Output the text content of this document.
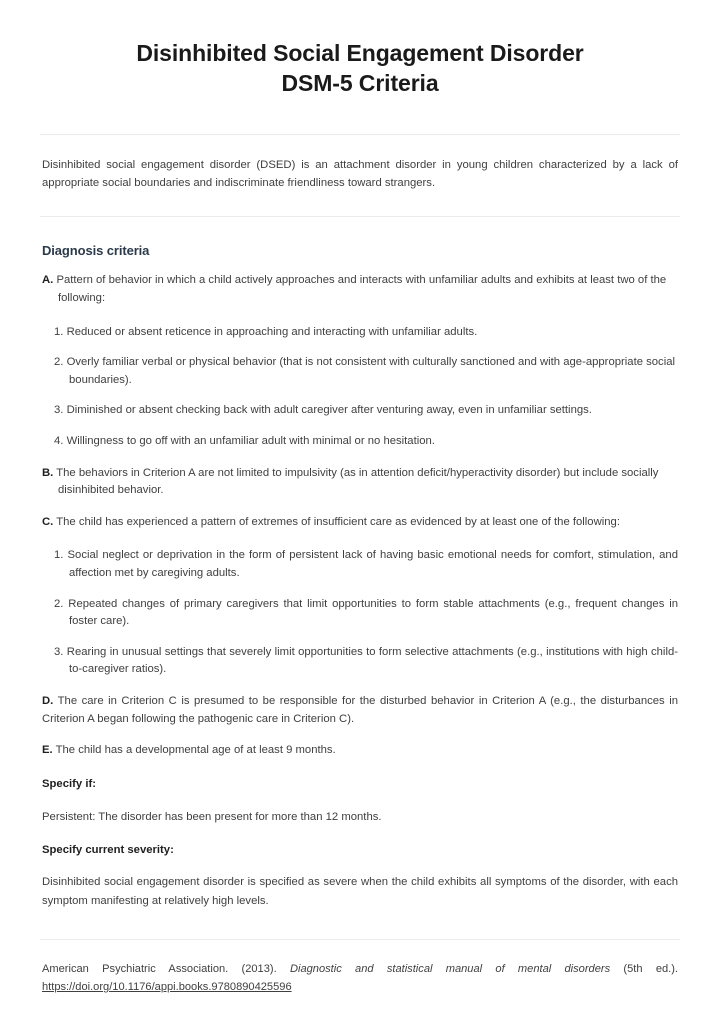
Disinhibited Social Engagement Disorder
DSM-5 Criteria

Disinhibited social engagement disorder (DSED) is an attachment disorder in young children characterized by a lack of appropriate social boundaries and indiscriminate friendliness toward strangers.

Diagnosis criteria

A. Pattern of behavior in which a child actively approaches and interacts with unfamiliar adults and exhibits at least two of the following:

1. Reduced or absent reticence in approaching and interacting with unfamiliar adults.
2. Overly familiar verbal or physical behavior (that is not consistent with culturally sanctioned and with age-appropriate social boundaries).
3. Diminished or absent checking back with adult caregiver after venturing away, even in unfamiliar settings.
4. Willingness to go off with an unfamiliar adult with minimal or no hesitation.

B. The behaviors in Criterion A are not limited to impulsivity (as in attention deficit/hyperactivity disorder) but include socially disinhibited behavior.

C. The child has experienced a pattern of extremes of insufficient care as evidenced by at least one of the following:

1. Social neglect or deprivation in the form of persistent lack of having basic emotional needs for comfort, stimulation, and affection met by caregiving adults.
2. Repeated changes of primary caregivers that limit opportunities to form stable attachments (e.g., frequent changes in foster care).
3. Rearing in unusual settings that severely limit opportunities to form selective attachments (e.g., institutions with high child-to-caregiver ratios).

D. The care in Criterion C is presumed to be responsible for the disturbed behavior in Criterion A (e.g., the disturbances in Criterion A began following the pathogenic care in Criterion C).

E. The child has a developmental age of at least 9 months.

Specify if:

Persistent: The disorder has been present for more than 12 months.

Specify current severity:

Disinhibited social engagement disorder is specified as severe when the child exhibits all symptoms of the disorder, with each symptom manifesting at relatively high levels.

American Psychiatric Association. (2013). Diagnostic and statistical manual of mental disorders (5th ed.). https://doi.org/10.1176/appi.books.9780890425596
